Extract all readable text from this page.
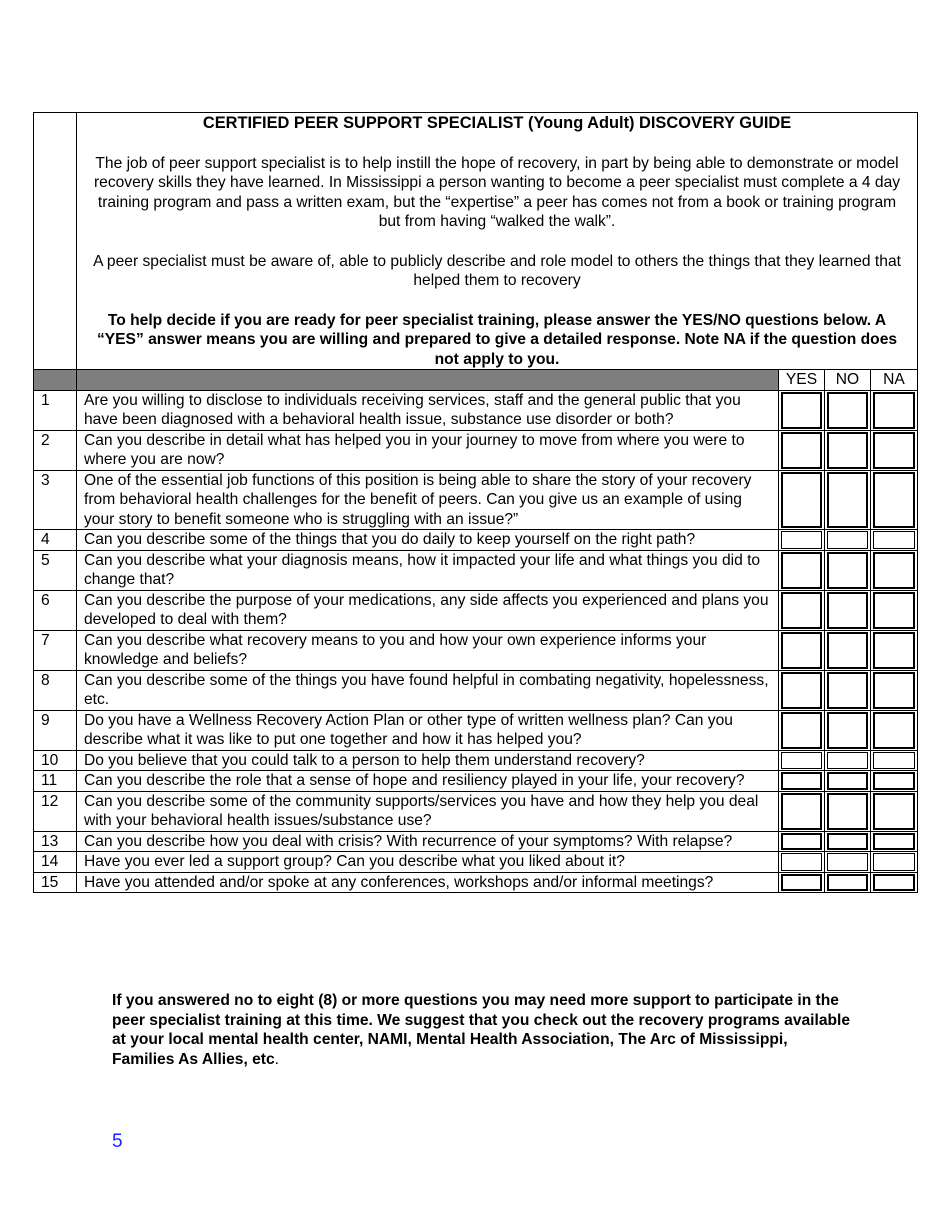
	CERTIFIED PEER SUPPORT SPECIALIST (Young Adult) DISCOVERY GUIDE
The job of peer support specialist is to help instill the hope of recovery, in part by being able to demonstrate or model recovery skills they have learned. In Mississippi a person wanting to become a peer specialist must complete a 4 day training program and pass a written exam, but the “expertise” a peer has comes not from a book or training program but from having “walked the walk”.
A peer specialist must be aware of, able to publicly describe and role model to others the things that they learned that helped them to recovery
To help decide if you are ready for peer specialist training, please answer the YES/NO questions below. A “YES” answer means you are willing and prepared to give a detailed response. Note NA if the question does not apply to you.			

		YES	NO	NA
1	Are you willing to disclose to individuals receiving services, staff and the general public that you have been diagnosed with a behavioral health issue, substance use disorder or both?			
2	Can you describe in detail what has helped you in your journey to move from where you were to where you are now?			
3	One of the essential job functions of this position is being able to share the story of your recovery from behavioral health challenges for the benefit of peers. Can you give us an example of using your story to benefit someone who is struggling with an issue?”			
4	Can you describe some of the things that you do daily to keep yourself on the right path?			
5	Can you describe what your diagnosis means, how it impacted your life and what things you did to change that?			
6	Can you describe the purpose of your medications, any side affects you experienced and plans you developed to deal with them?			
7	Can you describe what recovery means to you and how your own experience informs your knowledge and beliefs?			
8	Can you describe some of the things you have found helpful in combating negativity, hopelessness, etc.			
9	Do you have a Wellness Recovery Action Plan or other type of written wellness plan? Can you describe what it was like to put one together and how it has helped you?			
10	Do you believe that you could talk to a person to help them understand recovery?			
11	Can you describe the role that a sense of hope and resiliency played in your life, your recovery?			
12	Can you describe some of the community supports/services you have and how they help you deal with your behavioral health issues/substance use?			
13	Can you describe how you deal with crisis? With recurrence of your symptoms? With relapse?			
14	Have you ever led a support group? Can you describe what you liked about it?			
15	Have you attended and/or spoke at any conferences, workshops and/or informal meetings?			
If you answered no to eight (8) or more questions you may need more support to participate in the peer specialist training at this time. We suggest that you check out the recovery programs available at your local mental health center, NAMI, Mental Health Association, The Arc of Mississippi, Families As Allies, etc.
5
